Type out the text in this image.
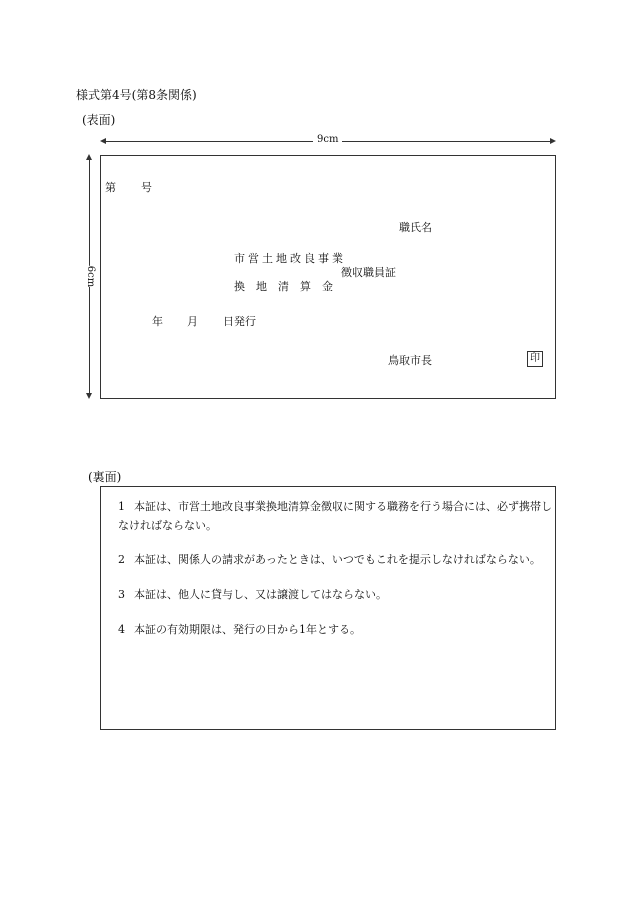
様式第4号(第8条関係)
(表面)
9cm
6cm
第 号
職氏名
市営土地改良事業
徴収職員証
換　地　清　算　金
年 月 日発行
鳥取市長	印
(裏面)
1 本証は、市営土地改良事業換地清算金徴収に関する職務を行う場合には、必ず携帯しなければならない。
2 本証は、関係人の請求があったときは、いつでもこれを提示しなければならない。
3 本証は、他人に貸与し、又は譲渡してはならない。
4 本証の有効期限は、発行の日から1年とする。
